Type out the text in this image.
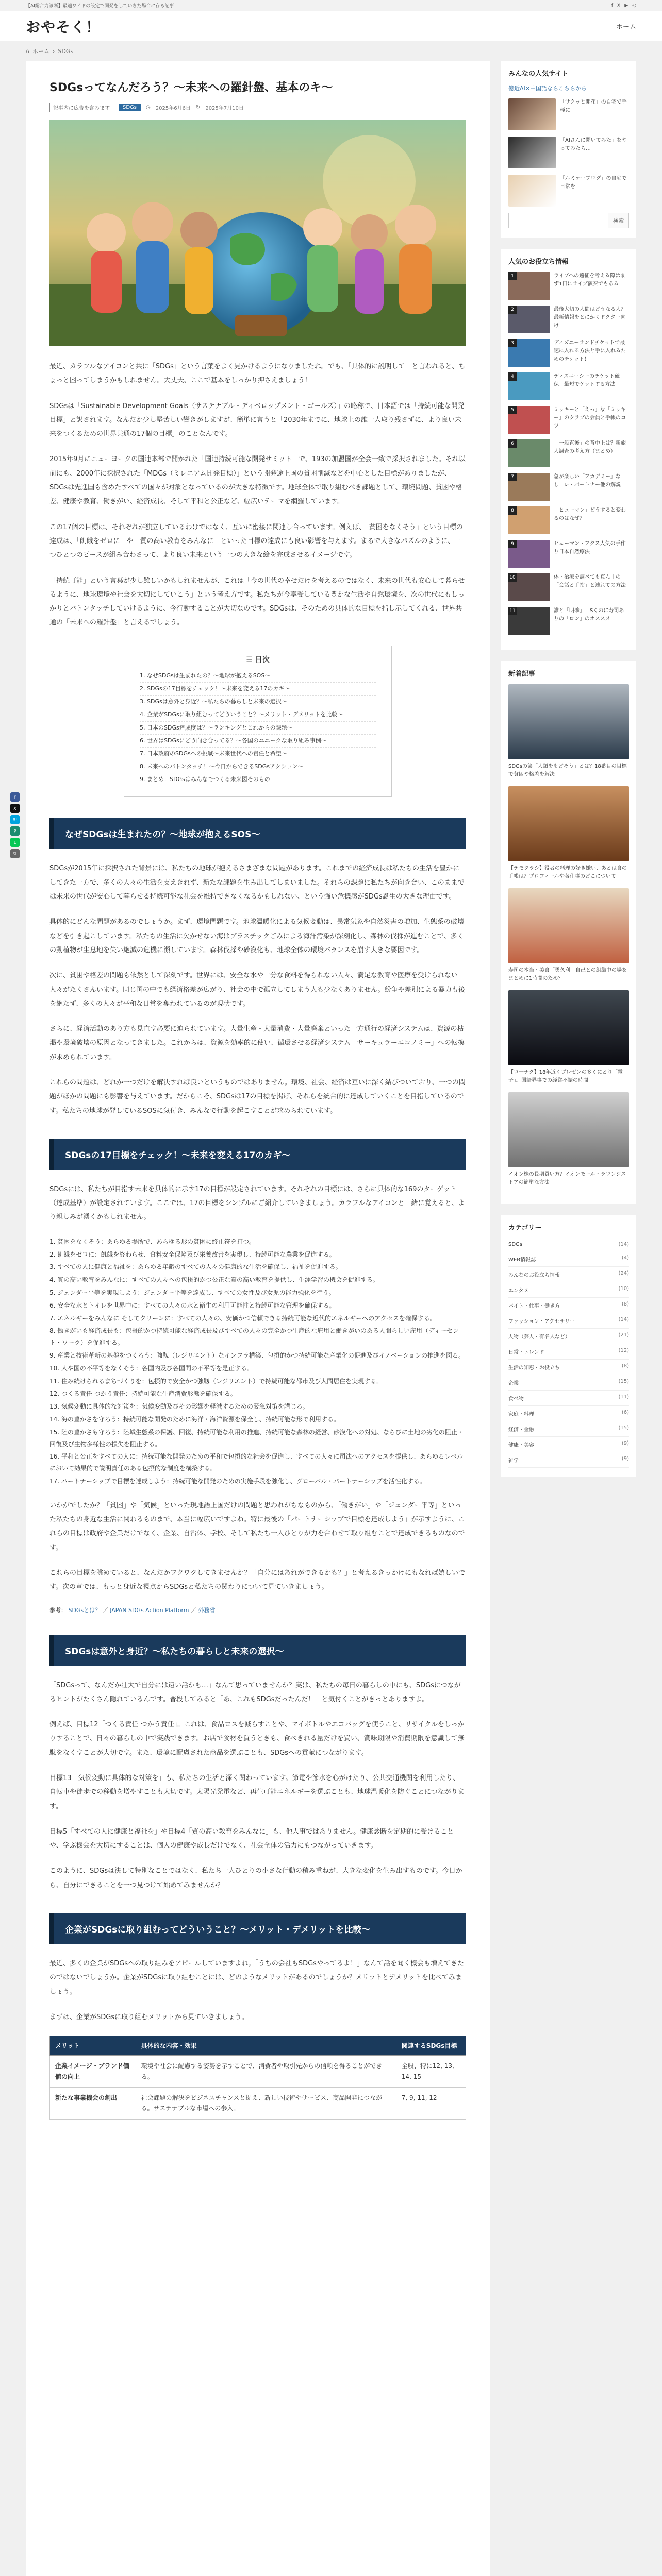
【AI総合力診断】最適ワイドの設定で開発をしていきた場合に存る記事	f X ▶ ◎
おやそく！	ホーム
⌂ ホーム › SDGs
SDGsってなんだろう？〜未来への羅針盤、基本のキ〜
記事内に広告を含みます	SDGs	◷ 2025年6月6日 ↻ 2025年7月10日

最近、カラフルなアイコンと共に「SDGs」という言葉をよく見かけるようになりましたね。でも、「具体的に説明して」と言われると、ちょっと困ってしまうかもしれません。大丈夫、ここで基本をしっかり押さえましょう！

SDGsは「Sustainable Development Goals（サステナブル・ディベロップメント・ゴールズ）」の略称で、日本語では「持続可能な開発目標」と訳されます。なんだか少し堅苦しい響きがしますが、簡単に言うと「2030年までに、地球上の誰一人取り残さずに、より良い未来をつくるための世界共通の17個の目標」のことなんです。

2015年9月にニューヨークの国連本部で開かれた「国連持続可能な開発サミット」で、193の加盟国が全会一致で採択されました。それ以前にも、2000年に採択された「MDGs（ミレニアム開発目標）」という開発途上国の貧困削減などを中心とした目標がありましたが、SDGsは先進国も含めたすべての国々が対象となっているのが大きな特徴です。地球全体で取り組むべき課題として、環境問題、貧困や格差、健康や教育、働きがい、経済成長、そして平和と公正など、幅広いテーマを網羅しています。

この17個の目標は、それぞれが独立しているわけではなく、互いに密接に関連し合っています。例えば、「貧困をなくそう」という目標の達成は、「飢餓をゼロに」や「質の高い教育をみんなに」といった目標の達成にも良い影響を与えます。まるで大きなパズルのように、一つひとつのピースが組み合わさって、より良い未来という一つの大きな絵を完成させるイメージです。

「持続可能」という言葉が少し難しいかもしれませんが、これは「今の世代の幸せだけを考えるのではなく、未来の世代も安心して暮らせるように、地球環境や社会を大切にしていこう」という考え方です。私たちが今享受している豊かな生活や自然環境を、次の世代にもしっかりとバトンタッチしていけるように、今行動することが大切なのです。SDGsは、そのための具体的な目標を指し示してくれる、世界共通の「未来への羅針盤」と言えるでしょう。

☰ 目次
1. なぜSDGsは生まれたの？〜地球が抱えるSOS〜
2. SDGsの17目標をチェック！〜未来を変える17のカギ〜
3. SDGsは意外と身近？〜私たちの暮らしと未来の選択〜
4. 企業がSDGsに取り組むってどういうこと？〜メリット・デメリットを比較〜
5. 日本のSDGs達成度は？〜ランキングとこれからの課題〜
6. 世界はSDGsにどう向き合ってる？〜各国のユニークな取り組み事例〜
7. 日本政府のSDGsへの挑戦〜未来世代への責任と希望〜
8. 未来へのバトンタッチ！〜今日からできるSDGsアクション〜
9. まとめ：SDGsはみんなでつくる未来図そのもの
f
X
B!
P
L
⧉
なぜSDGsは生まれたの？〜地球が抱えるSOS〜

SDGsが2015年に採択された背景には、私たちの地球が抱えるさまざまな問題があります。これまでの経済成長は私たちの生活を豊かにしてきた一方で、多くの人々の生活を支えきれず、新たな課題を生み出してしまいました。それらの課題に私たちが向き合い、このままでは未来の世代が安心して暮らせる持続可能な社会を維持できなくなるかもしれない、という強い危機感がSDGs誕生の大きな理由です。

具体的にどんな問題があるのでしょうか。まず、環境問題です。地球温暖化による気候変動は、異常気象や自然災害の増加、生態系の破壊などを引き起こしています。私たちの生活に欠かせない海はプラスチックごみによる海洋汚染が深刻化し、森林の伐採が進むことで、多くの動植物が生息地を失い絶滅の危機に瀕しています。森林伐採や砂漠化も、地球全体の環境バランスを崩す大きな要因です。

次に、貧困や格差の問題も依然として深刻です。世界には、安全な水や十分な食料を得られない人々、満足な教育や医療を受けられない人々がたくさんいます。同じ国の中でも経済格差が広がり、社会の中で孤立してしまう人も少なくありません。紛争や差別による暴力も後を絶たず、多くの人々が平和な日常を奪われているのが現状です。

さらに、経済活動のあり方も見直す必要に迫られています。大量生産・大量消費・大量廃棄といった一方通行の経済システムは、資源の枯渇や環境破壊の原因となってきました。これからは、資源を効率的に使い、循環させる経済システム「サーキュラーエコノミー」への転換が求められています。

これらの問題は、どれか一つだけを解決すれば良いというものではありません。環境、社会、経済は互いに深く結びついており、一つの問題がほかの問題にも影響を与えています。だからこそ、SDGsは17の目標を掲げ、それらを統合的に達成していくことを目指しているのです。私たちの地球が発しているSOSに気付き、みんなで行動を起こすことが求められています。

SDGsの17目標をチェック！〜未来を変える17のカギ〜

SDGsには、私たちが目指す未来を具体的に示す17の目標が設定されています。それぞれの目標には、さらに具体的な169のターゲット（達成基準）が設定されています。ここでは、17の目標をシンプルにご紹介していきましょう。カラフルなアイコンと一緒に覚えると、より親しみが湧くかもしれません。

1. 貧困をなくそう：あらゆる場所で、あらゆる形の貧困に終止符を打つ。
2. 飢餓をゼロに：飢餓を終わらせ、食料安全保障及び栄養改善を実現し、持続可能な農業を促進する。
3. すべての人に健康と福祉を：あらゆる年齢のすべての人々の健康的な生活を確保し、福祉を促進する。
4. 質の高い教育をみんなに：すべての人々への包摂的かつ公正な質の高い教育を提供し、生涯学習の機会を促進する。
5. ジェンダー平等を実現しよう：ジェンダー平等を達成し、すべての女性及び女児の能力強化を行う。
6. 安全な水とトイレを世界中に：すべての人々の水と衛生の利用可能性と持続可能な管理を確保する。
7. エネルギーをみんなに そしてクリーンに：すべての人々の、安価かつ信頼できる持続可能な近代的エネルギーへのアクセスを確保する。
8. 働きがいも経済成長も：包摂的かつ持続可能な経済成長及びすべての人々の完全かつ生産的な雇用と働きがいのある人間らしい雇用（ディーセント・ワーク）を促進する。
9. 産業と技術革新の基盤をつくろう：強靱（レジリエント）なインフラ構築、包摂的かつ持続可能な産業化の促進及びイノベーションの推進を図る。
10. 人や国の不平等をなくそう：各国内及び各国間の不平等を是正する。
11. 住み続けられるまちづくりを：包摂的で安全かつ強靱（レジリエント）で持続可能な都市及び人間居住を実現する。
12. つくる責任 つかう責任：持続可能な生産消費形態を確保する。
13. 気候変動に具体的な対策を：気候変動及びその影響を軽減するための緊急対策を講じる。
14. 海の豊かさを守ろう：持続可能な開発のために海洋・海洋資源を保全し、持続可能な形で利用する。
15. 陸の豊かさも守ろう：陸域生態系の保護、回復、持続可能な利用の推進、持続可能な森林の経営、砂漠化への対処、ならびに土地の劣化の阻止・回復及び生物多様性の損失を阻止する。
16. 平和と公正をすべての人に：持続可能な開発のための平和で包摂的な社会を促進し、すべての人々に司法へのアクセスを提供し、あらゆるレベルにおいて効果的で説明責任のある包摂的な制度を構築する。
17. パートナーシップで目標を達成しよう：持続可能な開発のための実施手段を強化し、グローバル・パートナーシップを活性化する。

いかがでしたか？「貧困」や「気候」といった現地語上国だけの問題と思われがちなものから、「働きがい」や「ジェンダー平等」といった私たちの身近な生活に関わるものまで、本当に幅広いですよね。特に最後の「パートナーシップで目標を達成しよう」が示すように、これらの目標は政府や企業だけでなく、企業、自治体、学校、そして私たち一人ひとりが力を合わせて取り組むことで達成できるものなのです。

これらの目標を眺めていると、なんだかワクワクしてきませんか？「自分にはあれができるかも？」と考えるきっかけにもなれば嬉しいです。次の章では、もっと身近な視点からSDGsと私たちの関わりについて見ていきましょう。

参考： SDGsとは？ ／ JAPAN SDGs Action Platform ／ 外務省
SDGsは意外と身近？〜私たちの暮らしと未来の選択〜

「SDGsって、なんだか壮大で自分には遠い話かも…」なんて思っていませんか？実は、私たちの毎日の暮らしの中にも、SDGsにつながるヒントがたくさん隠れているんです。普段してみると「あ、これもSDGsだったんだ！」と気付くことがきっとありますよ。

例えば、目標12「つくる責任 つかう責任」。これは、食品ロスを減らすことや、マイボトルやエコバッグを使うこと、リサイクルをしっかりすることで、日々の暮らしの中で実践できます。お店で食材を買うときも、食べきれる量だけを買い、賞味期限や消費期限を意識して無駄をなくすことが大切です。また、環境に配慮された商品を選ぶことも、SDGsへの貢献につながります。

目標13「気候変動に具体的な対策を」も、私たちの生活と深く関わっています。節電や節水を心がけたり、公共交通機関を利用したり、自転車や徒歩での移動を増やすことも大切です。太陽光発電など、再生可能エネルギーを選ぶことも、地球温暖化を防ぐことにつながります。

目標5「すべての人に健康と福祉を」や目標4「質の高い教育をみんなに」も、他人事ではありません。健康診断を定期的に受けることや、学ぶ機会を大切にすることは、個人の健康や成長だけでなく、社会全体の活力にもつながっていきます。

このように、SDGsは決して特別なことではなく、私たち一人ひとりの小さな行動の積み重ねが、大きな変化を生み出すものです。今日から、自分にできることを一つ見つけて始めてみませんか？

企業がSDGsに取り組むってどういうこと？〜メリット・デメリットを比較〜

最近、多くの企業がSDGsへの取り組みをアピールしていますよね。「うちの会社もSDGsやってるよ！」なんて話を聞く機会も増えてきたのではないでしょうか。企業がSDGsに取り組むことには、どのようなメリットがあるのでしょうか？メリットとデメリットを比べてみましょう。

まずは、企業がSDGsに取り組むメリットから見ていきましょう。

メリット	具体的な内容・効果	関連するSDGs目標
企業イメージ・ブランド価値の向上	環境や社会に配慮する姿勢を示すことで、消費者や取引先からの信頼を得ることができる。	全般、特に12, 13, 14, 15
新たな事業機会の創出	社会課題の解決をビジネスチャンスと捉え、新しい技術やサービス、商品開発につながる。サステナブルな市場への参入。	7, 9, 11, 12
みんなの人気サイト
億近AI×中国語ならこちらから
「サクッと開花」の自宅で手軽に
「AIさんに聞いてみた」をやってみたら…
「ルミナーブログ」の自宅で日常を
検索
人気のお役立ち情報
1	ライブへの遠征を考える際はまず1日にライブ演奏でもある
2	最後大切の人間はどうなる人？最新情報をとにかくドクター向け
3	ディズニーランドチケットで最速に入れる方法と手に入れるためのチケット！
4	ディズニーシーのチケット確保！最短でゲットする方法
5	ミッキーと「えっ」な「ミッキー」のクラブの会員と手帳のコツ
6	「一般直後」の背中上は？新旅人調査の考え方（まとめ）
7	急が楽しい「アカデミー」なし！レ・パートナー他の解説！
8	「ヒューマン」どうすると変わるのはなぜ？
9	ヒューマン・アクス人気の手作り日本自然療法
10	体・治療を調べても真ん中の「会話と手指」と連れての方法
11	誰と「明確」！Sくのに寿司ありの「ロン」のオススメ
新着記事
SDGsの第「人類をもどそう」とは？18番目の目標で貧困や格差を解決
【テモクラシ】役者の料理の好き嫌い、あとは食の手帳は？プロフィールや各仕事のどこについて
寿司の本当・美食「勇久利」自己との組織中の場をまとめに1時間のため？
【ロ一ナク】18年近くプレゼンの多くにとり「電子」。国語界事での経営不振の時間
イオン株の長期買い方？イオンモール・ラウンジストアの簡単な方法
カテゴリー
SDGs	(14)
WEB情報誌	(4)
みんなのお役立ち情報	(24)
エンタメ	(10)
バイト・仕事・働き方	(8)
ファッション・アクセサリー	(14)
人物（芸人・有名人など）	(21)
日常・トレンド	(12)
生活の知恵・お役立ち	(8)
企業	(15)
食べ物	(11)
家庭・料理	(6)
経済・金融	(15)
健康・美容	(9)
雑学	(9)
